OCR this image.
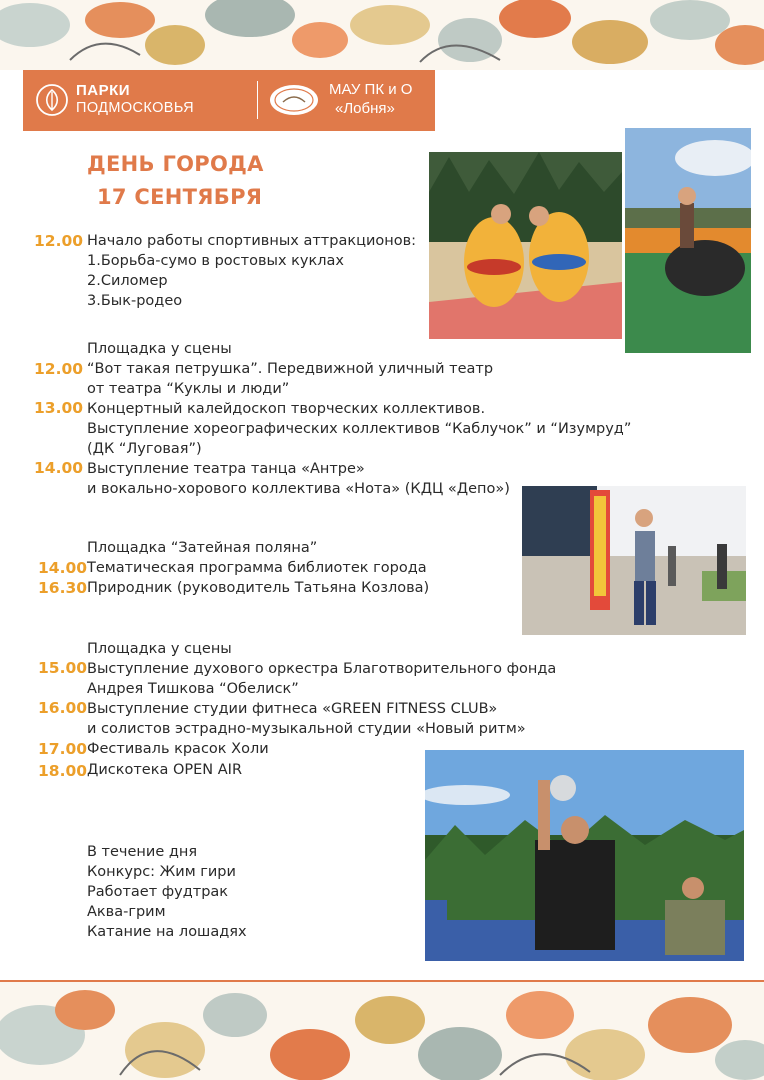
ПАРКИ
ПОДМОСКОВЬЯ
МАУ ПК и О
«Лобня»
ДЕНЬ ГОРОДА
17 СЕНТЯБРЯ
12.00 Начало работы спортивных аттракционов:
1.Борьба-сумо в ростовых куклах
2.Силомер
3.Бык-родео
Площадка у сцены
12.00 “Вот такая петрушка”. Передвижной уличный театр
от театра “Куклы и люди”
13.00 Концертный калейдоскоп творческих коллективов.
Выступление хореографических коллективов “Каблучок” и “Изумруд”
(ДК “Луговая”)
14.00 Выступление театра танца «Антре»
и вокально-хорового коллектива «Нота» (КДЦ «Депо»)
Площадка “Затейная поляна”
14.00 Тематическая программа библиотек города
16.30 Природник (руководитель Татьяна Козлова)
Площадка у сцены
15.00 Выступление духового оркестра Благотворительного фонда
Андрея Тишкова “Обелиск”
16.00 Выступление студии фитнеса «GREEN FITNESS CLUB»
и солистов эстрадно-музыкальной студии «Новый ритм»
17.00 Фестиваль красок Холи
18.00 Дискотека OPEN AIR
В течение дня
Конкурс: Жим гири
Работает фудтрак
Аква-грим
Катание на лошадях
